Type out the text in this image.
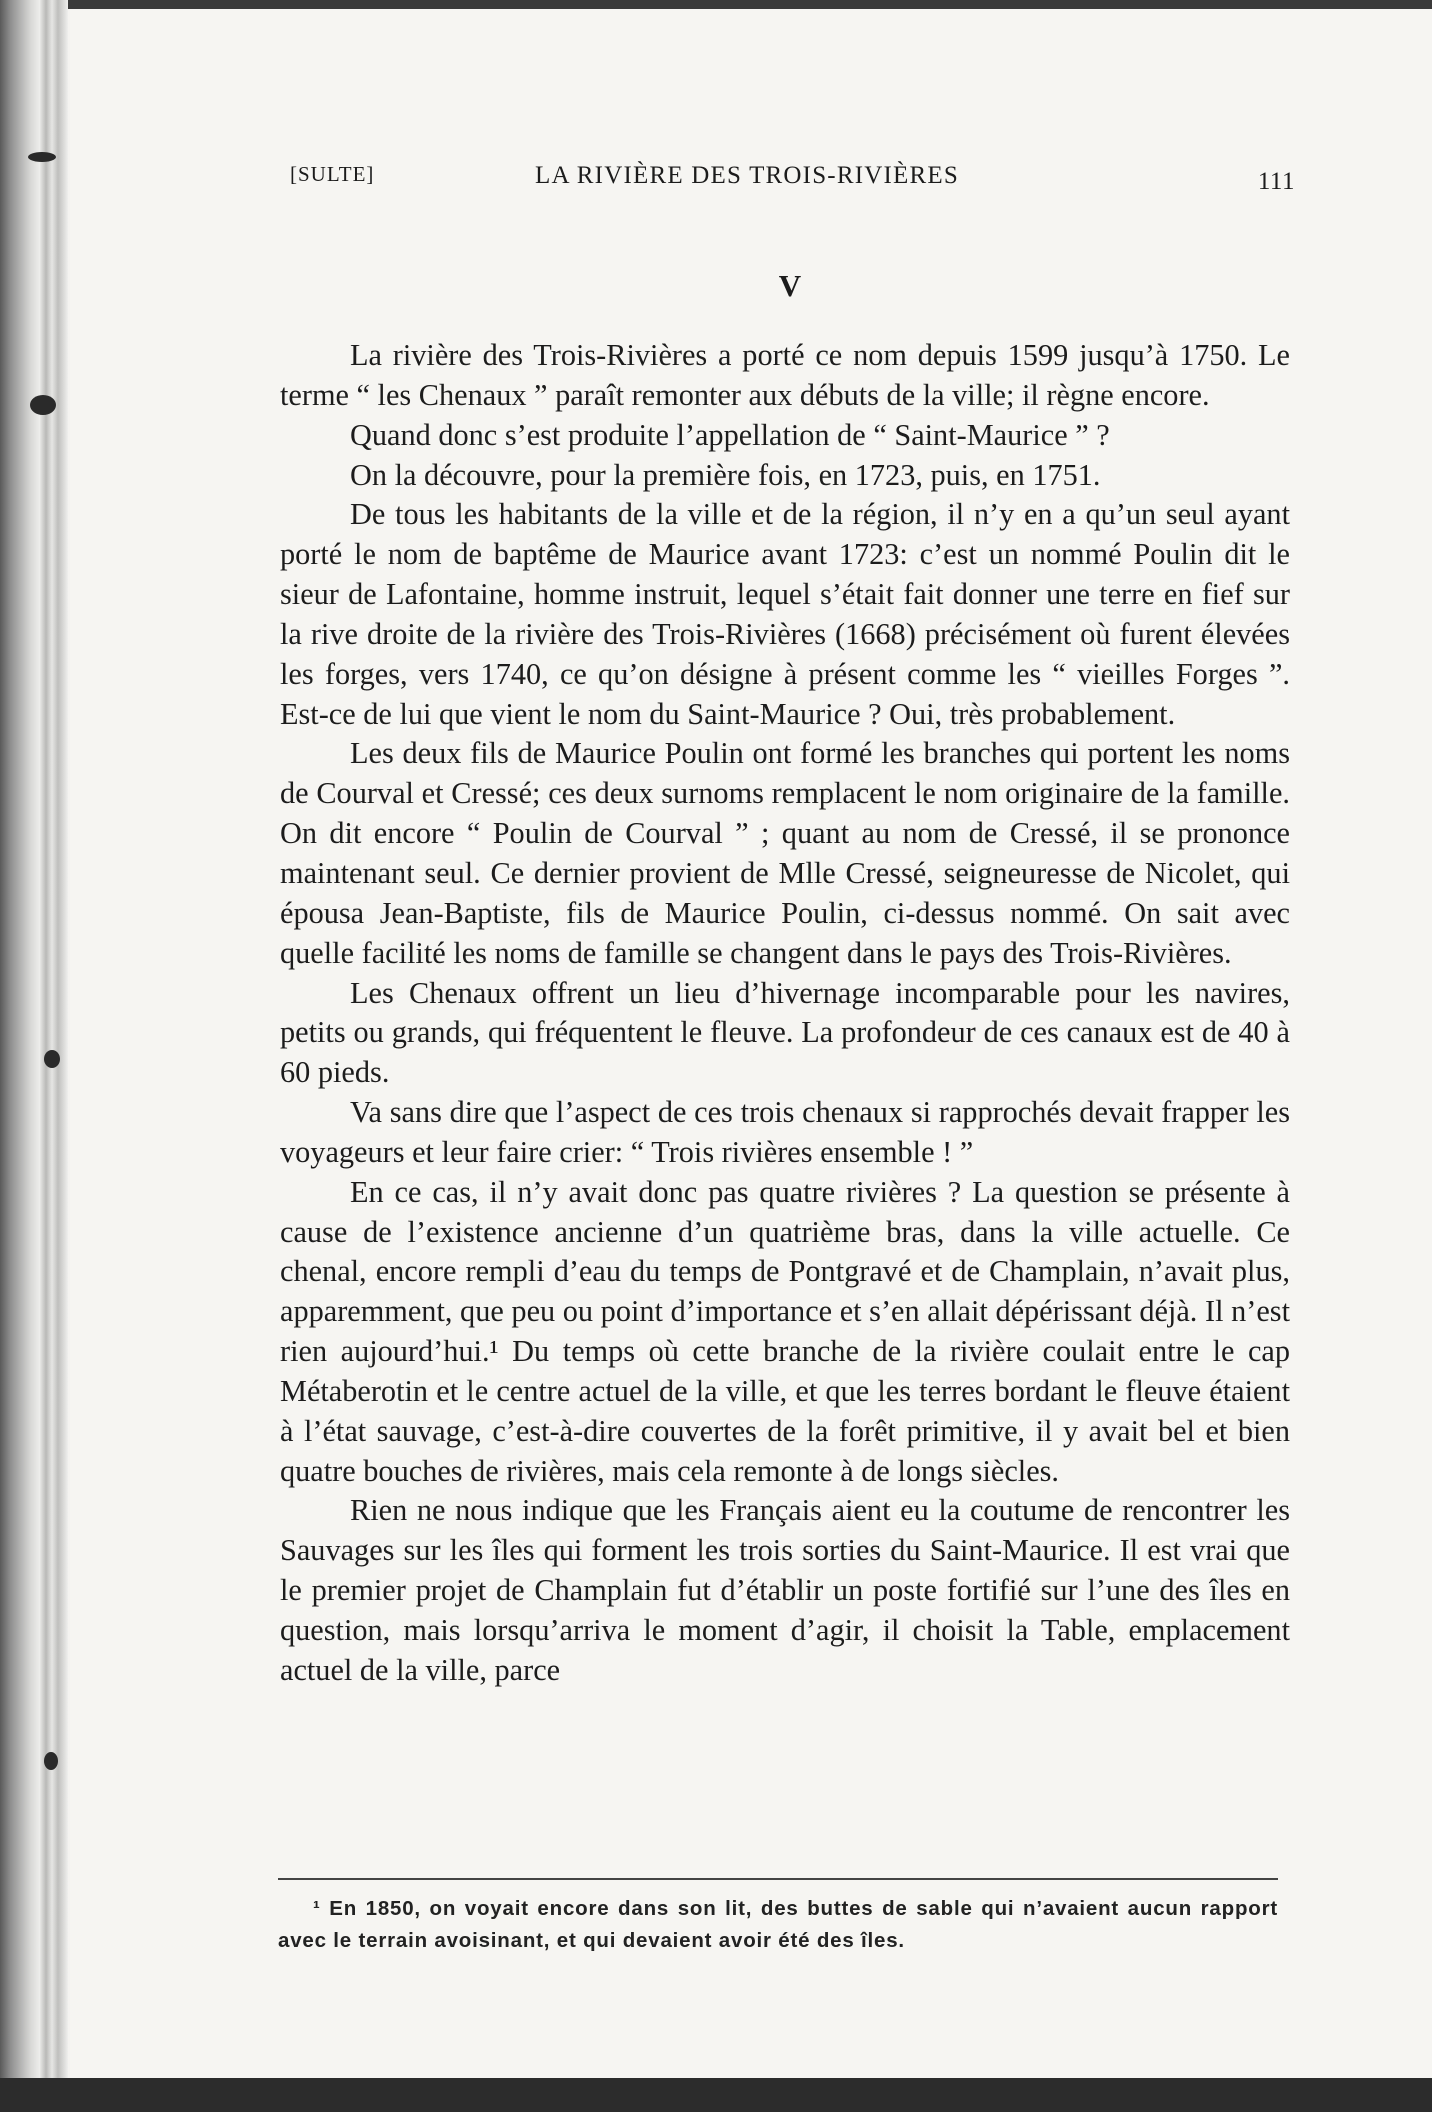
[SULTE]	LA RIVIÈRE DES TROIS-RIVIÈRES	111
V

La rivière des Trois-Rivières a porté ce nom depuis 1599 jusqu’à 1750. Le terme “ les Chenaux ” paraît remonter aux débuts de la ville; il règne encore.

Quand donc s’est produite l’appellation de “ Saint-Maurice ” ?

On la découvre, pour la première fois, en 1723, puis, en 1751.

De tous les habitants de la ville et de la région, il n’y en a qu’un seul ayant porté le nom de baptême de Maurice avant 1723: c’est un nommé Poulin dit le sieur de Lafontaine, homme instruit, lequel s’était fait donner une terre en fief sur la rive droite de la rivière des Trois-Rivières (1668) précisément où furent élevées les forges, vers 1740, ce qu’on désigne à présent comme les “ vieilles Forges ”. Est-ce de lui que vient le nom du Saint-Maurice ? Oui, très probablement.

Les deux fils de Maurice Poulin ont formé les branches qui portent les noms de Courval et Cressé; ces deux surnoms remplacent le nom originaire de la famille. On dit encore “ Poulin de Courval ” ; quant au nom de Cressé, il se prononce maintenant seul. Ce dernier provient de Mlle Cressé, seigneuresse de Nicolet, qui épousa Jean-Baptiste, fils de Maurice Poulin, ci-dessus nommé. On sait avec quelle facilité les noms de famille se changent dans le pays des Trois-Rivières.

Les Chenaux offrent un lieu d’hivernage incomparable pour les navires, petits ou grands, qui fréquentent le fleuve. La profondeur de ces canaux est de 40 à 60 pieds.

Va sans dire que l’aspect de ces trois chenaux si rapprochés devait frapper les voyageurs et leur faire crier: “ Trois rivières ensemble ! ”

En ce cas, il n’y avait donc pas quatre rivières ? La question se présente à cause de l’existence ancienne d’un quatrième bras, dans la ville actuelle. Ce chenal, encore rempli d’eau du temps de Pontgravé et de Champlain, n’avait plus, apparemment, que peu ou point d’importance et s’en allait dépérissant déjà. Il n’est rien aujourd’hui.¹ Du temps où cette branche de la rivière coulait entre le cap Métaberotin et le centre actuel de la ville, et que les terres bordant le fleuve étaient à l’état sauvage, c’est-à-dire couvertes de la forêt primitive, il y avait bel et bien quatre bouches de rivières, mais cela remonte à de longs siècles.

Rien ne nous indique que les Français aient eu la coutume de rencontrer les Sauvages sur les îles qui forment les trois sorties du Saint-Maurice. Il est vrai que le premier projet de Champlain fut d’établir un poste fortifié sur l’une des îles en question, mais lorsqu’arriva le moment d’agir, il choisit la Table, emplacement actuel de la ville, parce

¹ En 1850, on voyait encore dans son lit, des buttes de sable qui n’avaient aucun rapport avec le terrain avoisinant, et qui devaient avoir été des îles.
